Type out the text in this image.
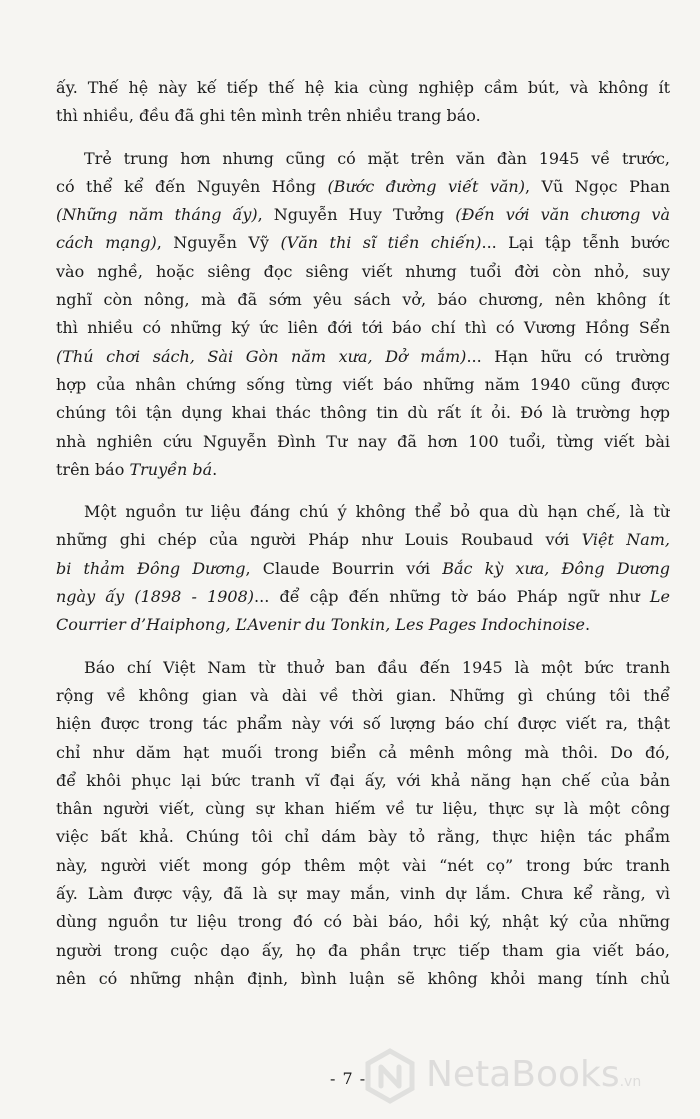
ấy. Thế hệ này kế tiếp thế hệ kia cùng nghiệp cầm bút, và không ít
thì nhiều, đều đã ghi tên mình trên nhiều trang báo.
Trẻ trung hơn nhưng cũng có mặt trên văn đàn 1945 về trước,
có thể kể đến Nguyên Hồng (Bước đường viết văn), Vũ Ngọc Phan
(Những năm tháng ấy), Nguyễn Huy Tưởng (Đến với văn chương và
cách mạng), Nguyễn Vỹ (Văn thi sĩ tiền chiến)... Lại tập tễnh bước
vào nghề, hoặc siêng đọc siêng viết nhưng tuổi đời còn nhỏ, suy
nghĩ còn nông, mà đã sớm yêu sách vở, báo chương, nên không ít
thì nhiều có những ký ức liên đới tới báo chí thì có Vương Hồng Sển
(Thú chơi sách, Sài Gòn năm xưa, Dở mắm)... Hạn hữu có trường
hợp của nhân chứng sống từng viết báo những năm 1940 cũng được
chúng tôi tận dụng khai thác thông tin dù rất ít ỏi. Đó là trường hợp
nhà nghiên cứu Nguyễn Đình Tư nay đã hơn 100 tuổi, từng viết bài
trên báo Truyền bá.
Một nguồn tư liệu đáng chú ý không thể bỏ qua dù hạn chế, là từ
những ghi chép của người Pháp như Louis Roubaud với Việt Nam,
bi thảm Đông Dương, Claude Bourrin với Bắc kỳ xưa, Đông Dương
ngày ấy (1898 - 1908)... để cập đến những tờ báo Pháp ngữ như Le
Courrier d’Haiphong, L’Avenir du Tonkin, Les Pages Indochinoise.
Báo chí Việt Nam từ thuở ban đầu đến 1945 là một bức tranh
rộng về không gian và dài về thời gian. Những gì chúng tôi thể
hiện được trong tác phẩm này với số lượng báo chí được viết ra, thật
chỉ như dăm hạt muối trong biển cả mênh mông mà thôi. Do đó,
để khôi phục lại bức tranh vĩ đại ấy, với khả năng hạn chế của bản
thân người viết, cùng sự khan hiếm về tư liệu, thực sự là một công
việc bất khả. Chúng tôi chỉ dám bày tỏ rằng, thực hiện tác phẩm
này, người viết mong góp thêm một vài “nét cọ” trong bức tranh
ấy. Làm được vậy, đã là sự may mắn, vinh dự lắm. Chưa kể rằng, vì
dùng nguồn tư liệu trong đó có bài báo, hồi ký, nhật ký của những
người trong cuộc dạo ấy, họ đa phần trực tiếp tham gia viết báo,
nên có những nhận định, bình luận sẽ không khỏi mang tính chủ
- 7 - NetaBooks.vn
